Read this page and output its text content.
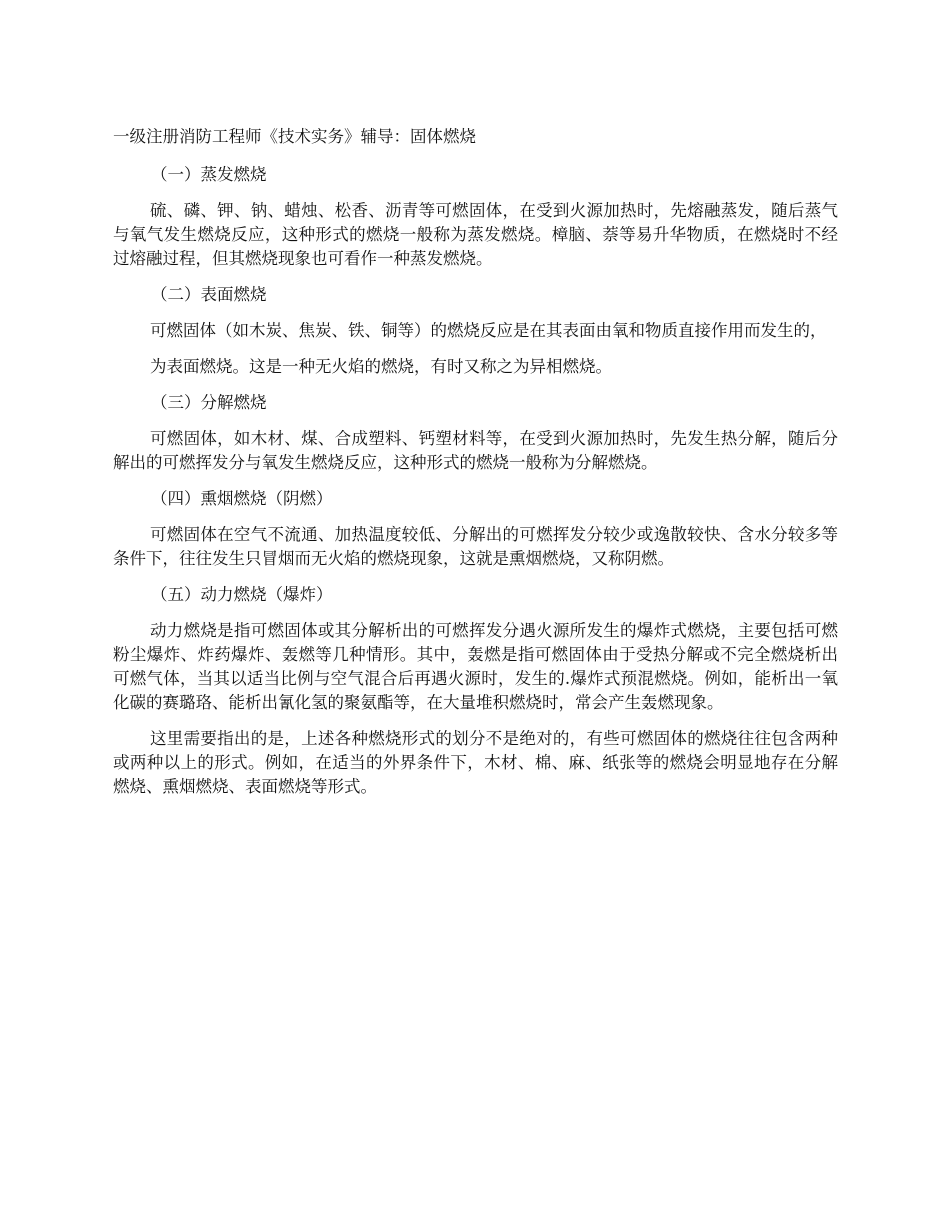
一级注册消防工程师《技术实务》辅导：固体燃烧
（一）蒸发燃烧

硫、磷、钾、钠、蜡烛、松香、沥青等可燃固体，在受到火源加热时，先熔融蒸发，随后蒸气与氧气发生燃烧反应，这种形式的燃烧一般称为蒸发燃烧。樟脑、萘等易升华物质，在燃烧时不经过熔融过程，但其燃烧现象也可看作一种蒸发燃烧。

（二）表面燃烧

可燃固体（如木炭、焦炭、铁、铜等）的燃烧反应是在其表面由氧和物质直接作用而发生的，

为表面燃烧。这是一种无火焰的燃烧，有时又称之为异相燃烧。

（三）分解燃烧

可燃固体，如木材、煤、合成塑料、钙塑材料等，在受到火源加热时，先发生热分解，随后分解出的可燃挥发分与氧发生燃烧反应，这种形式的燃烧一般称为分解燃烧。

（四）熏烟燃烧（阴燃）

可燃固体在空气不流通、加热温度较低、分解出的可燃挥发分较少或逸散较快、含水分较多等条件下，往往发生只冒烟而无火焰的燃烧现象，这就是熏烟燃烧，又称阴燃。

（五）动力燃烧（爆炸）

动力燃烧是指可燃固体或其分解析出的可燃挥发分遇火源所发生的爆炸式燃烧，主要包括可燃粉尘爆炸、炸药爆炸、轰燃等几种情形。其中，轰燃是指可燃固体由于受热分解或不完全燃烧析出可燃气体，当其以适当比例与空气混合后再遇火源时，发生的.爆炸式预混燃烧。例如，能析出一氧化碳的赛璐珞、能析出氰化氢的聚氨酯等，在大量堆积燃烧时，常会产生轰燃现象。

这里需要指出的是，上述各种燃烧形式的划分不是绝对的，有些可燃固体的燃烧往往包含两种或两种以上的形式。例如，在适当的外界条件下，木材、棉、麻、纸张等的燃烧会明显地存在分解燃烧、熏烟燃烧、表面燃烧等形式。
